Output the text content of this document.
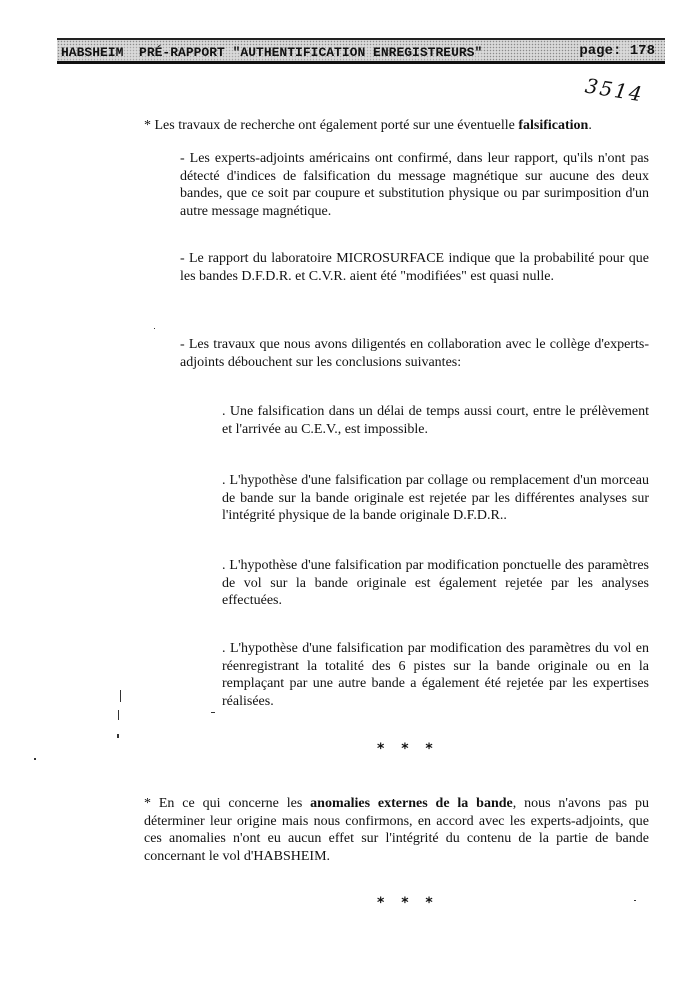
HABSHEIM  PRÉ-RAPPORT "AUTHENTIFICATION ENREGISTREURS"	page: 178
3514

* Les travaux de recherche ont également porté sur une éventuelle falsification.

- Les experts-adjoints américains ont confirmé, dans leur rapport, qu'ils n'ont pas détecté d'indices de falsification du message magnétique sur aucune des deux bandes, que ce soit par coupure et substitution physique ou par surimposition d'un autre message magnétique.

- Le rapport du laboratoire MICROSURFACE indique que la probabilité pour que les bandes D.F.D.R. et C.V.R. aient été "modifiées" est quasi nulle.

- Les travaux que nous avons diligentés en collaboration avec le collège d'experts-adjoints débouchent sur les conclusions suivantes:

. Une falsification dans un délai de temps aussi court, entre le prélèvement et l'arrivée au C.E.V., est impossible.

. L'hypothèse d'une falsification par collage ou remplacement d'un morceau de bande sur la bande originale est rejetée par les différentes analyses sur l'intégrité physique de la bande originale D.F.D.R..

. L'hypothèse d'une falsification par modification ponctuelle des paramètres de vol sur la bande originale est également rejetée par les analyses effectuées.

. L'hypothèse d'une falsification par modification des paramètres du vol en réenregistrant la totalité des 6 pistes sur la bande originale ou en la remplaçant par une autre bande a également été rejetée par les expertises réalisées.

* * *

* En ce qui concerne les anomalies externes de la bande, nous n'avons pas pu déterminer leur origine mais nous confirmons, en accord avec les experts-adjoints, que ces anomalies n'ont eu aucun effet sur l'intégrité du contenu de la partie de bande concernant le vol d'HABSHEIM.

* * *
